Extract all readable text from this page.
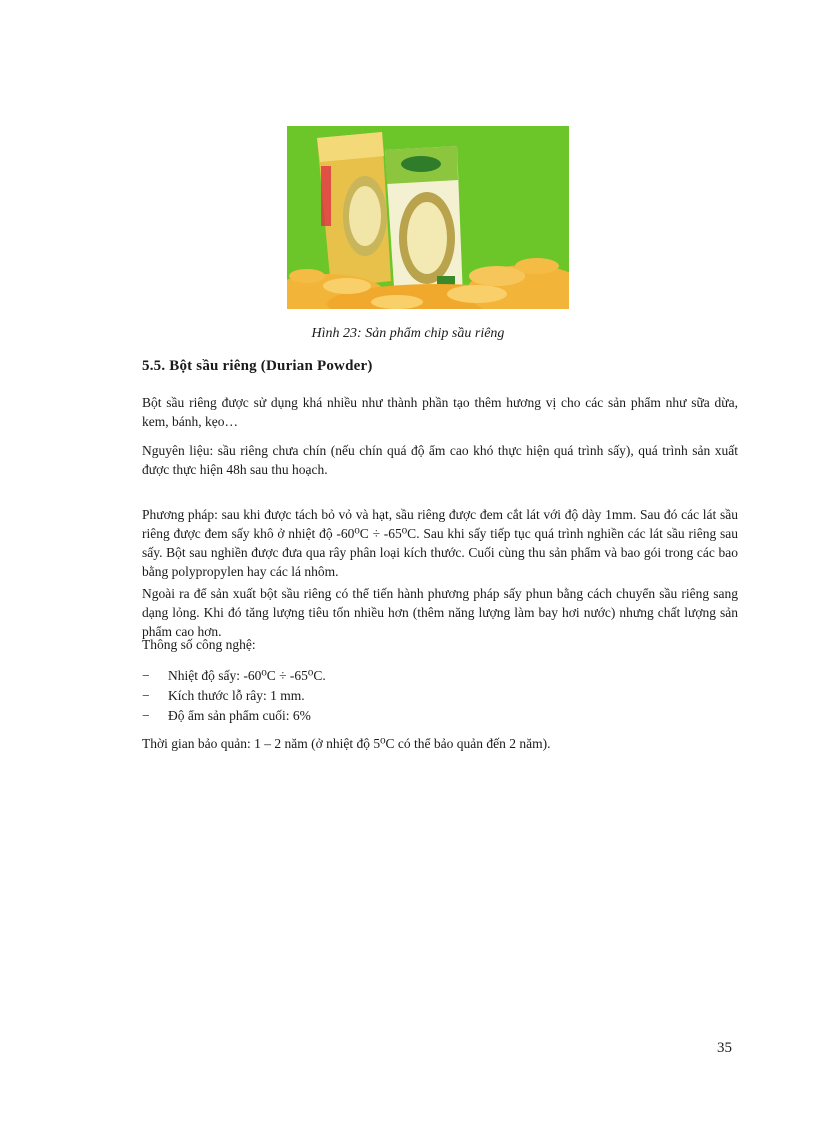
Hình 23: Sản phẩm chip sầu riêng
5.5. Bột sầu riêng (Durian Powder)
Bột sầu riêng được sử dụng khá nhiều như thành phần tạo thêm hương vị cho các sản phẩm như sữa dừa, kem, bánh, kẹo…
Nguyên liệu: sầu riêng chưa chín (nếu chín quá độ ẩm cao khó thực hiện quá trình sấy), quá trình sản xuất được thực hiện 48h sau thu hoạch.
Phương pháp: sau khi được tách bỏ vỏ và hạt, sầu riêng được đem cắt lát với độ dày 1mm. Sau đó các lát sầu riêng được đem sấy khô ở nhiệt độ -60⁰C ÷ -65⁰C. Sau khi sấy tiếp tục quá trình nghiền các lát sầu riêng sau sấy. Bột sau nghiền được đưa qua rây phân loại kích thước. Cuối cùng thu sản phẩm và bao gói trong các bao bằng polypropylen hay các lá nhôm.
Ngoài ra để sản xuất bột sầu riêng có thể tiến hành phương pháp sấy phun bằng cách chuyển sầu riêng sang dạng lỏng. Khi đó tăng lượng tiêu tốn nhiều hơn (thêm năng lượng làm bay hơi nước) nhưng chất lượng sản phẩm cao hơn.
Thông số công nghệ:
−	Nhiệt độ sấy: -60⁰C ÷ -65⁰C.
−	Kích thước lỗ rây: 1 mm.
−	Độ ẩm sản phẩm cuối: 6%
Thời gian bảo quản: 1 – 2 năm (ở nhiệt độ 5⁰C có thể bảo quản đến 2 năm).
35
